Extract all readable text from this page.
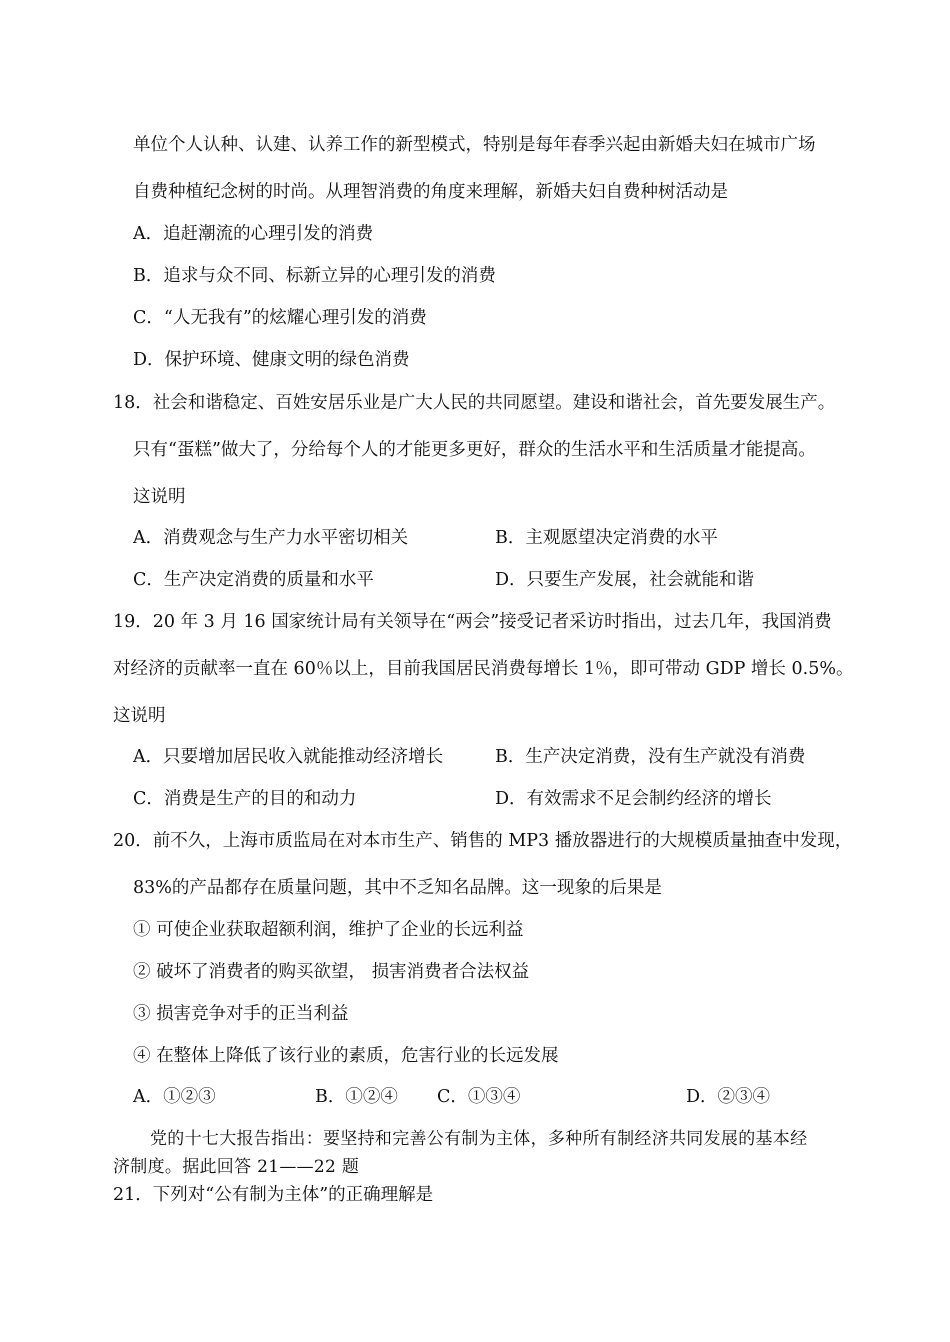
单位个人认种、认建、认养工作的新型模式，特别是每年春季兴起由新婚夫妇在城市广场
自费种植纪念树的时尚。从理智消费的角度来理解，新婚夫妇自费种树活动是
A．追赶潮流的心理引发的消费
B．追求与众不同、标新立异的心理引发的消费
C．“人无我有”的炫耀心理引发的消费
D．保护环境、健康文明的绿色消费
18．社会和谐稳定、百姓安居乐业是广大人民的共同愿望。建设和谐社会，首先要发展生产。
只有“蛋糕”做大了，分给每个人的才能更多更好，群众的生活水平和生活质量才能提高。
这说明
A．消费观念与生产力水平密切相关	B．主观愿望决定消费的水平
C．生产决定消费的质量和水平	D．只要生产发展，社会就能和谐
19．20 年 3 月 16 国家统计局有关领导在“两会”接受记者采访时指出，过去几年，我国消费
对经济的贡献率一直在 60％以上，目前我国居民消费每增长 1％，即可带动 GDP 增长 0.5%。
这说明
A．只要增加居民收入就能推动经济增长	B．生产决定消费，没有生产就没有消费
C．消费是生产的目的和动力	D．有效需求不足会制约经济的增长
20．前不久，上海市质监局在对本市生产、销售的 MP3 播放器进行的大规模质量抽查中发现，
83%的产品都存在质量问题，其中不乏知名品牌。这一现象的后果是
① 可使企业获取超额利润，维护了企业的长远利益
② 破坏了消费者的购买欲望， 损害消费者合法权益
③ 损害竞争对手的正当利益
④ 在整体上降低了该行业的素质，危害行业的长远发展
A．①②③	B．①②④ C．①③④	D．②③④
党的十七大报告指出：要坚持和完善公有制为主体，多种所有制经济共同发展的基本经
济制度。据此回答 21——22 题
21．下列对“公有制为主体”的正确理解是
